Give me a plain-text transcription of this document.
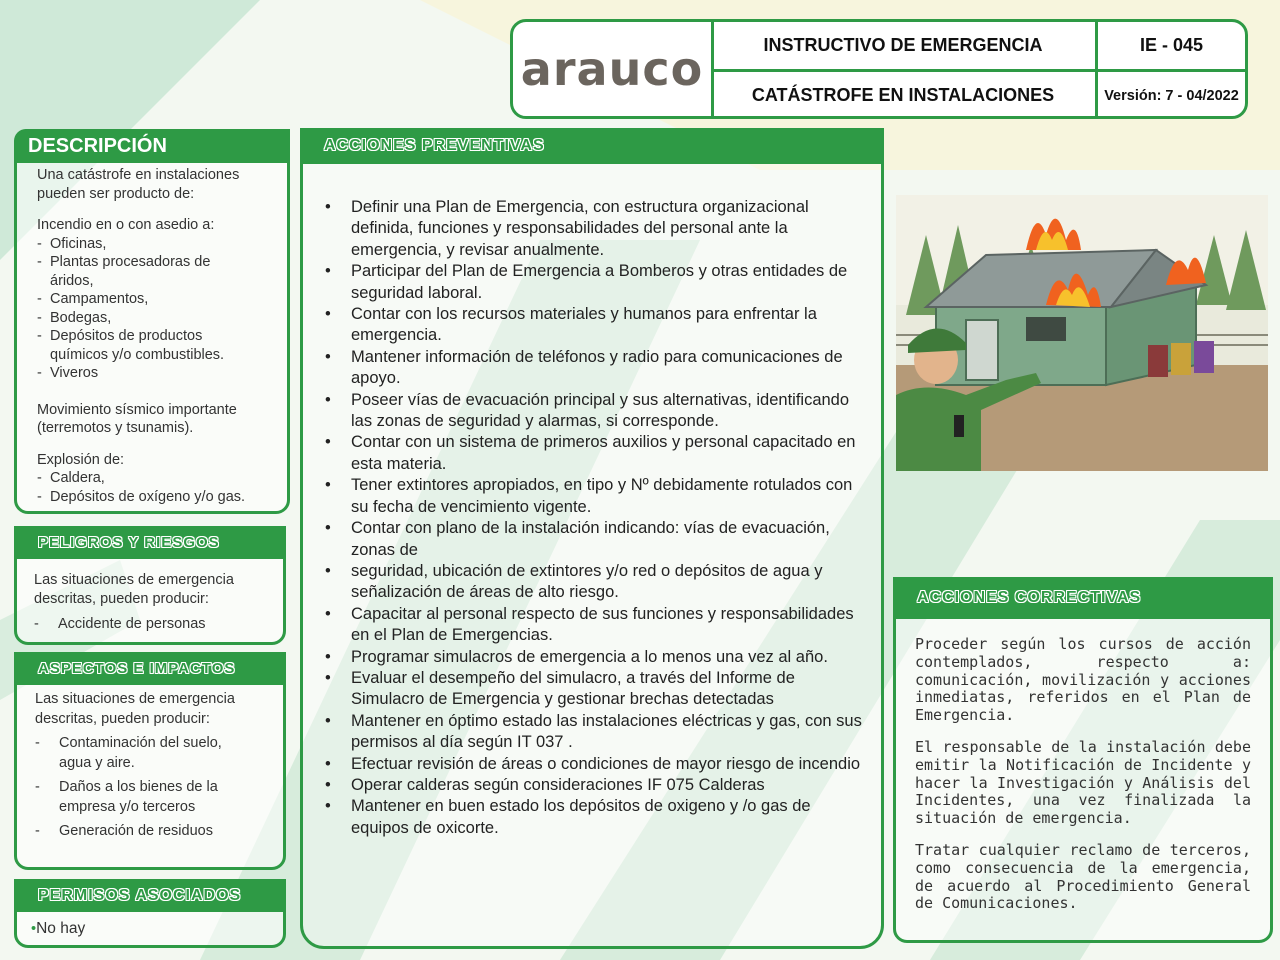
arauco	INSTRUCTIVO DE EMERGENCIA
CATÁSTROFE EN INSTALACIONES
IE - 045
Versión: 7 - 04/2022
DESCRIPCIÓN
Una catástrofe en instalaciones pueden ser producto de:
Incendio en o con asedio a:
- Oficinas,
- Plantas procesadoras de áridos,
- Campamentos,
- Bodegas,
- Depósitos de productos químicos y/o combustibles.
- Viveros
Movimiento sísmico importante (terremotos y tsunamis).
Explosión de:
- Caldera,
- Depósitos de oxígeno y/o gas.
PELIGROS Y RIESGOS
Las situaciones de emergencia descritas, pueden producir:
-	Accidente de personas
ASPECTOS E IMPACTOS
Las situaciones de emergencia descritas, pueden producir:
-	Contaminación del suelo, agua y aire.
-	Daños a los bienes de la empresa y/o terceros
-	Generación de residuos
PERMISOS ASOCIADOS
•No hay
ACCIONES PREVENTIVAS
• Definir una Plan de Emergencia, con estructura organizacional definida, funciones y responsabilidades del personal ante la emergencia, y revisar anualmente.
• Participar del Plan de Emergencia a Bomberos y otras entidades de seguridad laboral.
• Contar con los recursos materiales y humanos para enfrentar la emergencia.
• Mantener información de teléfonos y radio para comunicaciones de apoyo.
• Poseer vías de evacuación principal y sus alternativas, identificando las zonas de seguridad y alarmas, si corresponde.
• Contar con un sistema de primeros auxilios y personal capacitado en esta materia.
• Tener extintores apropiados, en tipo y Nº debidamente rotulados con su fecha de vencimiento vigente.
• Contar con plano de la instalación indicando: vías de evacuación, zonas de
• seguridad, ubicación de extintores y/o red o depósitos de agua y señalización de áreas de alto riesgo.
• Capacitar al personal respecto de sus funciones y responsabilidades en el Plan de Emergencias.
• Programar simulacros de emergencia a lo menos una vez al año.
• Evaluar el desempeño del simulacro, a través del Informe de Simulacro de Emergencia y gestionar brechas detectadas
• Mantener en óptimo estado las instalaciones eléctricas y gas, con sus permisos al día según IT 037 .
• Efectuar revisión de áreas o condiciones de mayor riesgo de incendio
• Operar calderas según consideraciones IF 075 Calderas
• Mantener en buen estado los depósitos de oxigeno y /o gas de equipos de oxicorte.
ACCIONES CORRECTIVAS

Proceder según los cursos de acción contemplados, respecto a: comunicación, movilización y acciones inmediatas, referidos en el Plan de Emergencia.

El responsable de la instalación debe emitir la Notificación de Incidente y hacer la Investigación y Análisis del Incidentes, una vez finalizada la situación de emergencia.

Tratar cualquier reclamo de terceros, como consecuencia de la emergencia, de acuerdo al Procedimiento General de Comunicaciones.
